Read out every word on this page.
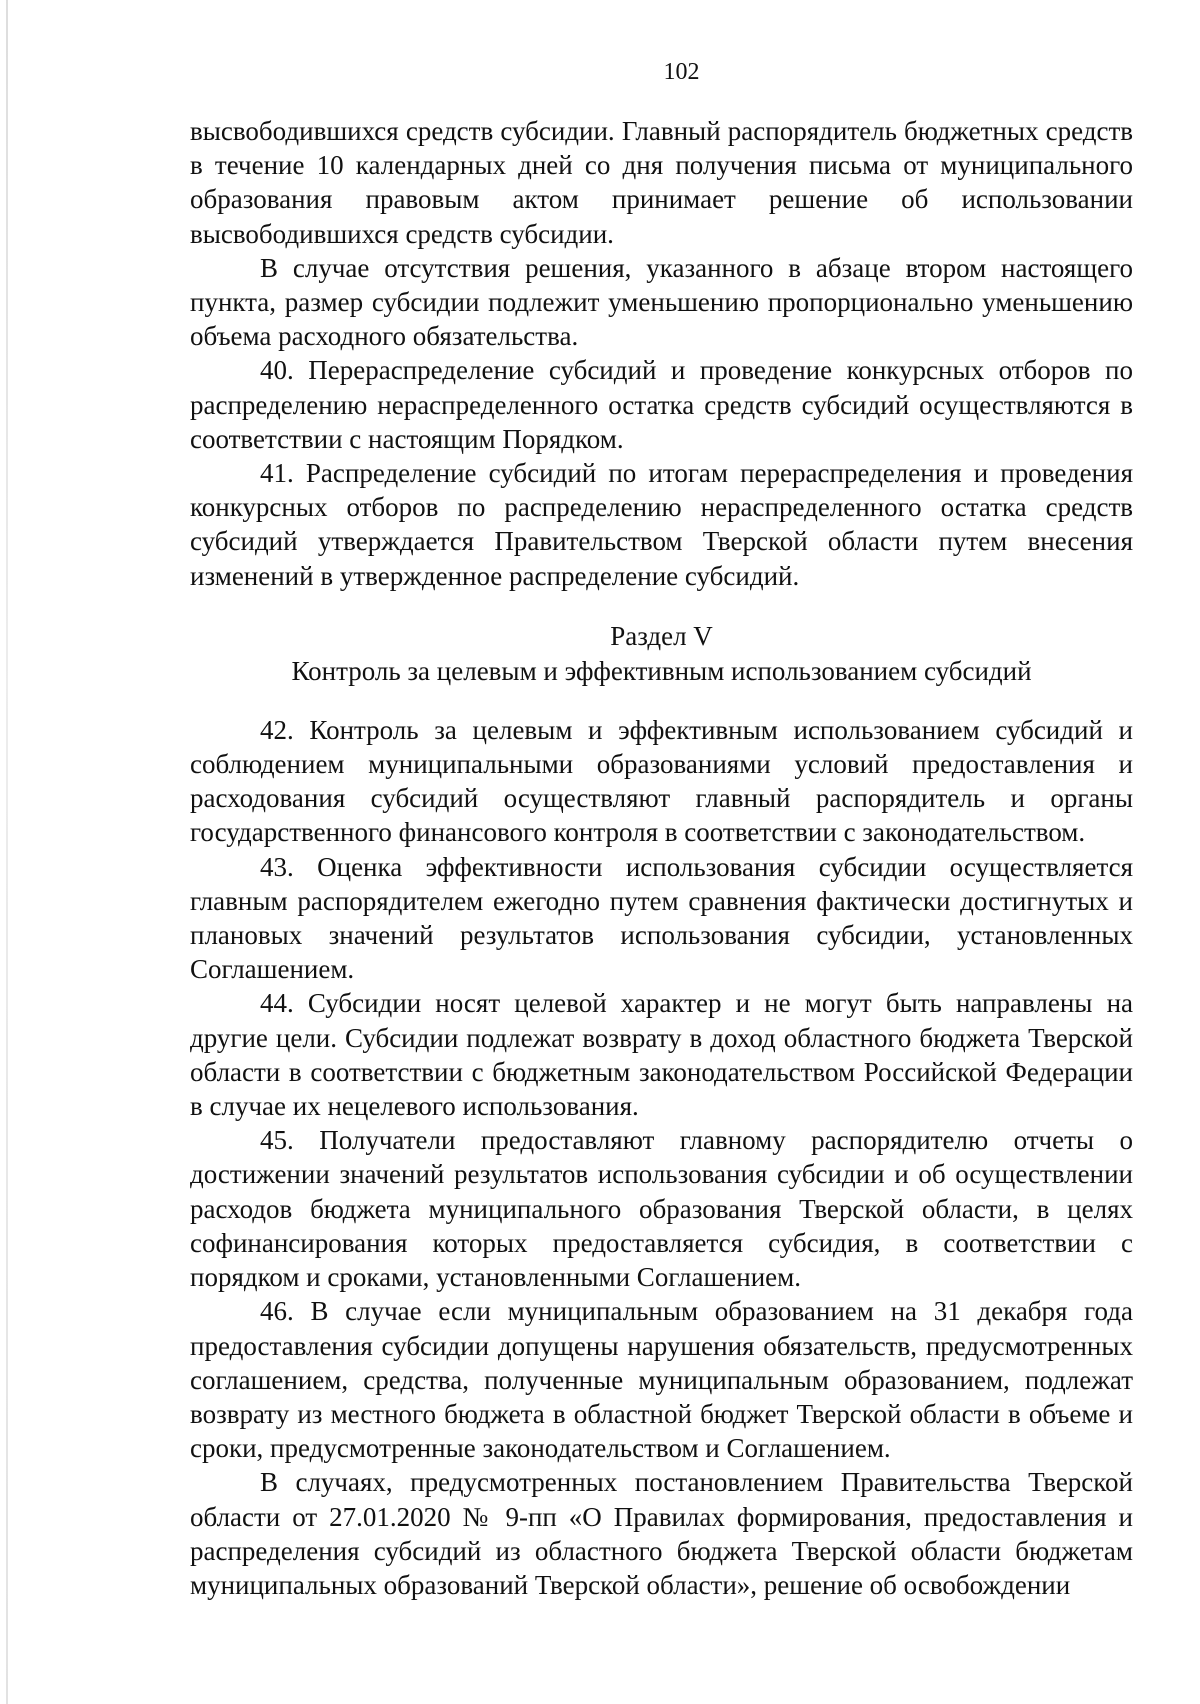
102

высвободившихся средств субсидии. Главный распорядитель бюджетных средств в течение 10 календарных дней со дня получения письма от муниципального образования правовым актом принимает решение об использовании высвободившихся средств субсидии.

В случае отсутствия решения, указанного в абзаце втором настоящего пункта, размер субсидии подлежит уменьшению пропорционально уменьшению объема расходного обязательства.

40. Перераспределение субсидий и проведение конкурсных отборов по распределению нераспределенного остатка средств субсидий осуществляются в соответствии с настоящим Порядком.

41. Распределение субсидий по итогам перераспределения и проведения конкурсных отборов по распределению нераспределенного остатка средств субсидий утверждается Правительством Тверской области путем внесения изменений в утвержденное распределение субсидий.

Раздел V

Контроль за целевым и эффективным использованием субсидий

42. Контроль за целевым и эффективным использованием субсидий и соблюдением муниципальными образованиями условий предоставления и расходования субсидий осуществляют главный распорядитель и органы государственного финансового контроля в соответствии с законодательством.

43. Оценка эффективности использования субсидии осуществляется главным распорядителем ежегодно путем сравнения фактически достигнутых и плановых значений результатов использования субсидии, установленных Соглашением.

44. Субсидии носят целевой характер и не могут быть направлены на другие цели. Субсидии подлежат возврату в доход областного бюджета Тверской области в соответствии с бюджетным законодательством Российской Федерации в случае их нецелевого использования.

45. Получатели предоставляют главному распорядителю отчеты о достижении значений результатов использования субсидии и об осуществлении расходов бюджета муниципального образования Тверской области, в целях софинансирования которых предоставляется субсидия, в соответствии с порядком и сроками, установленными Соглашением.

46. В случае если муниципальным образованием на 31 декабря года предоставления субсидии допущены нарушения обязательств, предусмотренных соглашением, средства, полученные муниципальным образованием, подлежат возврату из местного бюджета в областной бюджет Тверской области в объеме и сроки, предусмотренные законодательством и Соглашением.

В случаях, предусмотренных постановлением Правительства Тверской области от 27.01.2020 № 9-пп «О Правилах формирования, предоставления и распределения субсидий из областного бюджета Тверской области бюджетам муниципальных образований Тверской области», решение об освобождении
